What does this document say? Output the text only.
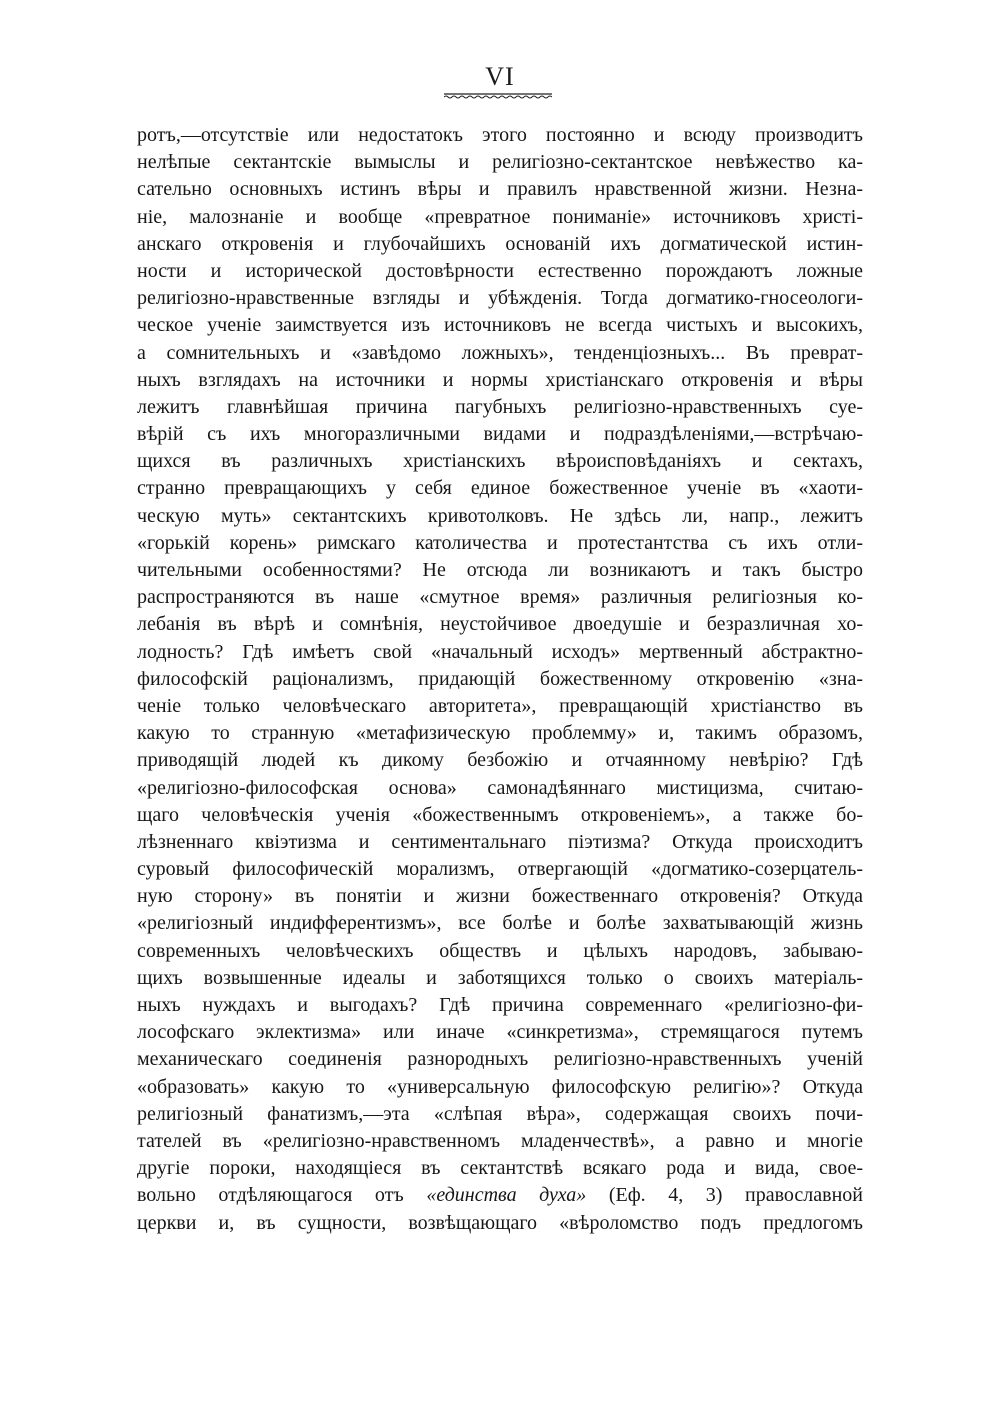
VI
ротъ,—отсутствіе или недостатокъ этого постоянно и всюду производитъ
нелѣпые сектантскіе вымыслы и религіозно-сектантское невѣжество ка-
сательно основныхъ истинъ вѣры и правилъ нравственной жизни. Незна-
ніе, малознаніе и вообще «превратное пониманіе» источниковъ христі-
анскаго откровенія и глубочайшихъ основаній ихъ догматической истин-
ности и исторической достовѣрности естественно порождаютъ ложные
религіозно-нравственные взгляды и убѣжденія. Тогда догматико-гносеологи-
ческое ученіе заимствуется изъ источниковъ не всегда чистыхъ и высокихъ,
а сомнительныхъ и «завѣдомо ложныхъ», тенденціозныхъ... Въ преврат-
ныхъ взглядахъ на источники и нормы христіанскаго откровенія и вѣры
лежитъ главнѣйшая причина пагубныхъ религіозно-нравственныхъ суе-
вѣрій съ ихъ многоразличными видами и подраздѣленіями,—встрѣчаю-
щихся въ различныхъ христіанскихъ вѣроисповѣданіяхъ и сектахъ,
странно превращающихъ у себя единое божественное ученіе въ «хаоти-
ческую муть» сектантскихъ кривотолковъ. Не здѣсь ли, напр., лежитъ
«горькій корень» римскаго католичества и протестантства съ ихъ отли-
чительными особенностями? Не отсюда ли возникаютъ и такъ быстро
распространяются въ наше «смутное время» различныя религіозныя ко-
лебанія въ вѣрѣ и сомнѣнія, неустойчивое двоедушіе и безразличная хо-
лодность? Гдѣ имѣетъ свой «начальный исходъ» мертвенный абстрактно-
философскій раціонализмъ, придающій божественному откровенію «зна-
ченіе только человѣческаго авторитета», превращающій христіанство въ
какую то странную «метафизическую проблемму» и, такимъ образомъ,
приводящій людей къ дикому безбожію и отчаянному невѣрію? Гдѣ
«религіозно-философская основа» самонадѣяннаго мистицизма, считаю-
щаго человѣческія ученія «божественнымъ откровеніемъ», а также бо-
лѣзненнаго квіэтизма и сентиментальнаго піэтизма? Откуда происходитъ
суровый философическій морализмъ, отвергающій «догматико-созерцатель-
ную сторону» въ понятіи и жизни божественнаго откровенія? Откуда
«религіозный индифферентизмъ», все болѣе и болѣе захватывающій жизнь
современныхъ человѣческихъ обществъ и цѣлыхъ народовъ, забываю-
щихъ возвышенные идеалы и заботящихся только о своихъ матеріаль-
ныхъ нуждахъ и выгодахъ? Гдѣ причина современнаго «религіозно-фи-
лософскаго эклектизма» или иначе «синкретизма», стремящагося путемъ
механическаго соединенія разнородныхъ религіозно-нравственныхъ ученій
«образовать» какую то «универсальную философскую религію»? Откуда
религіозный фанатизмъ,—эта «слѣпая вѣра», содержащая своихъ почи-
тателей въ «религіозно-нравственномъ младенчествѣ», а равно и многіе
другіе пороки, находящіеся въ сектантствѣ всякаго рода и вида, свое-
вольно отдѣляющагося отъ «единства духа» (Еф. 4, 3) православной
церкви и, въ сущности, возвѣщающаго «вѣроломство подъ предлогомъ
